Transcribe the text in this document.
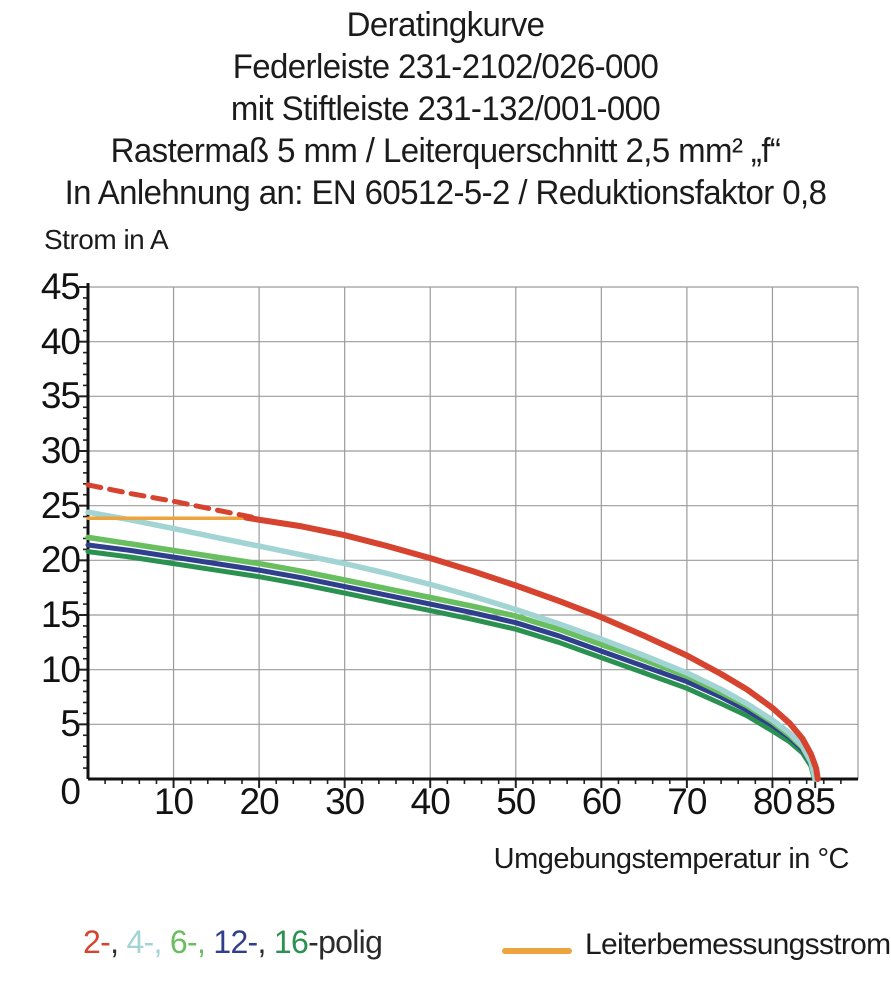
Deratingkurve
Federleiste 231-2102/026-000
mit Stiftleiste 231-132/001-000
Rastermaß 5 mm / Leiterquerschnitt 2,5 mm² „f“
In Anlehnung an: EN 60512-5-2 / Reduktionsfaktor 0,8
Strom in A
45
40
35
30
25
20
15
10
5
0	10	20	30	40	50	60	70	80 85
Umgebungstemperatur in °C
2-, 4-, 6-, 12-, 16-polig	Leiterbemessungsstrom
